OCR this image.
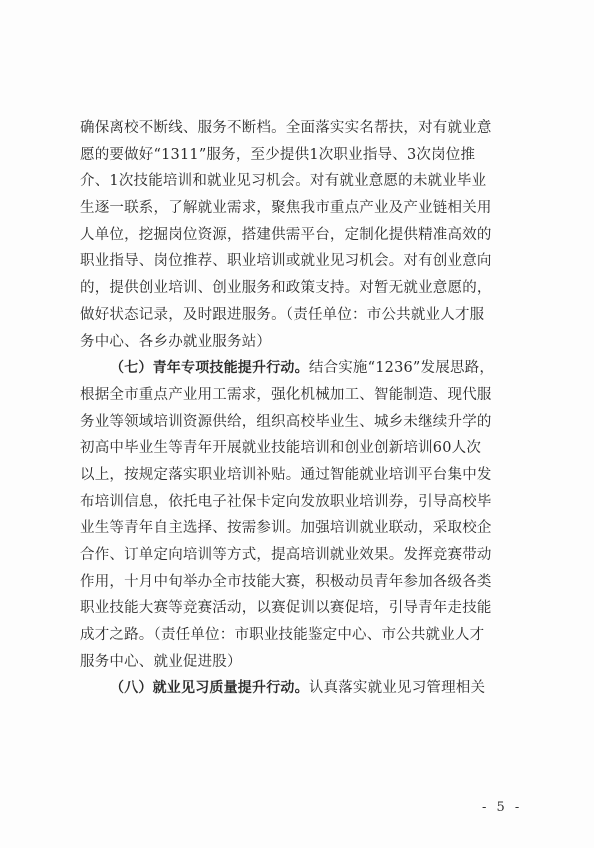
确保离校不断线、服务不断档。全面落实实名帮扶，对有就业意
愿的要做好“1311”服务，至少提供1次职业指导、3次岗位推
介、1次技能培训和就业见习机会。对有就业意愿的未就业毕业
生逐一联系，了解就业需求，聚焦我市重点产业及产业链相关用
人单位，挖掘岗位资源，搭建供需平台，定制化提供精准高效的
职业指导、岗位推荐、职业培训或就业见习机会。对有创业意向
的，提供创业培训、创业服务和政策支持。对暂无就业意愿的，
做好状态记录，及时跟进服务。（责任单位：市公共就业人才服
务中心、各乡办就业服务站）
（七）青年专项技能提升行动。结合实施“1236”发展思路，
根据全市重点产业用工需求，强化机械加工、智能制造、现代服
务业等领域培训资源供给，组织高校毕业生、城乡未继续升学的
初高中毕业生等青年开展就业技能培训和创业创新培训60人次
以上，按规定落实职业培训补贴。通过智能就业培训平台集中发
布培训信息，依托电子社保卡定向发放职业培训券，引导高校毕
业生等青年自主选择、按需参训。加强培训就业联动，采取校企
合作、订单定向培训等方式，提高培训就业效果。发挥竞赛带动
作用，十月中旬举办全市技能大赛，积极动员青年参加各级各类
职业技能大赛等竞赛活动，以赛促训以赛促培，引导青年走技能
成才之路。（责任单位：市职业技能鉴定中心、市公共就业人才
服务中心、就业促进股）
（八）就业见习质量提升行动。认真落实就业见习管理相关
- 5 -
